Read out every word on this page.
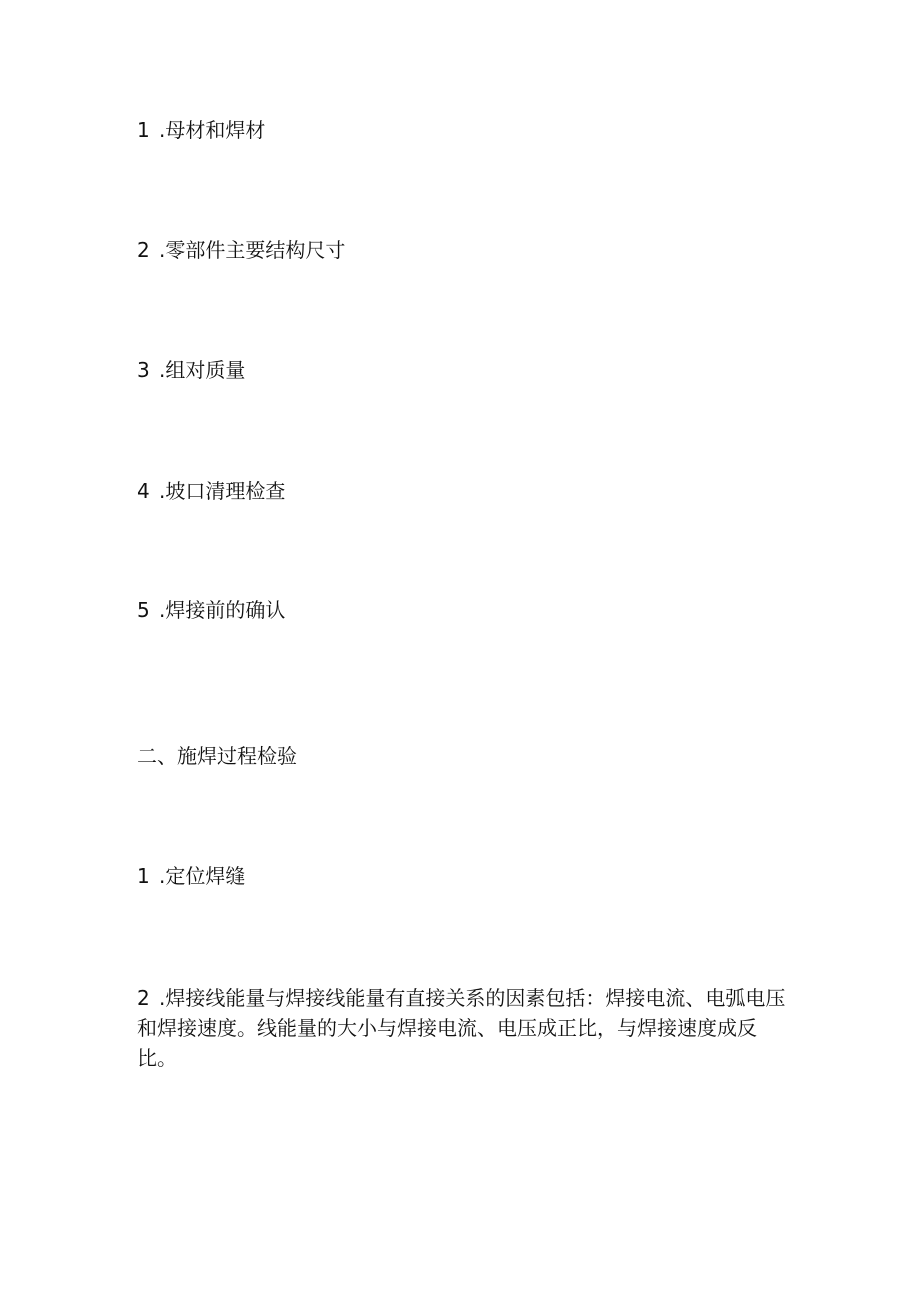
1 .母材和焊材
2 .零部件主要结构尺寸
3 .组对质量
4 .坡口清理检查
5 .焊接前的确认
二、施焊过程检验
1 .定位焊缝
2 .焊接线能量与焊接线能量有直接关系的因素包括：焊接电流、电弧电压和焊接速度。线能量的大小与焊接电流、电压成正比，与焊接速度成反比。
